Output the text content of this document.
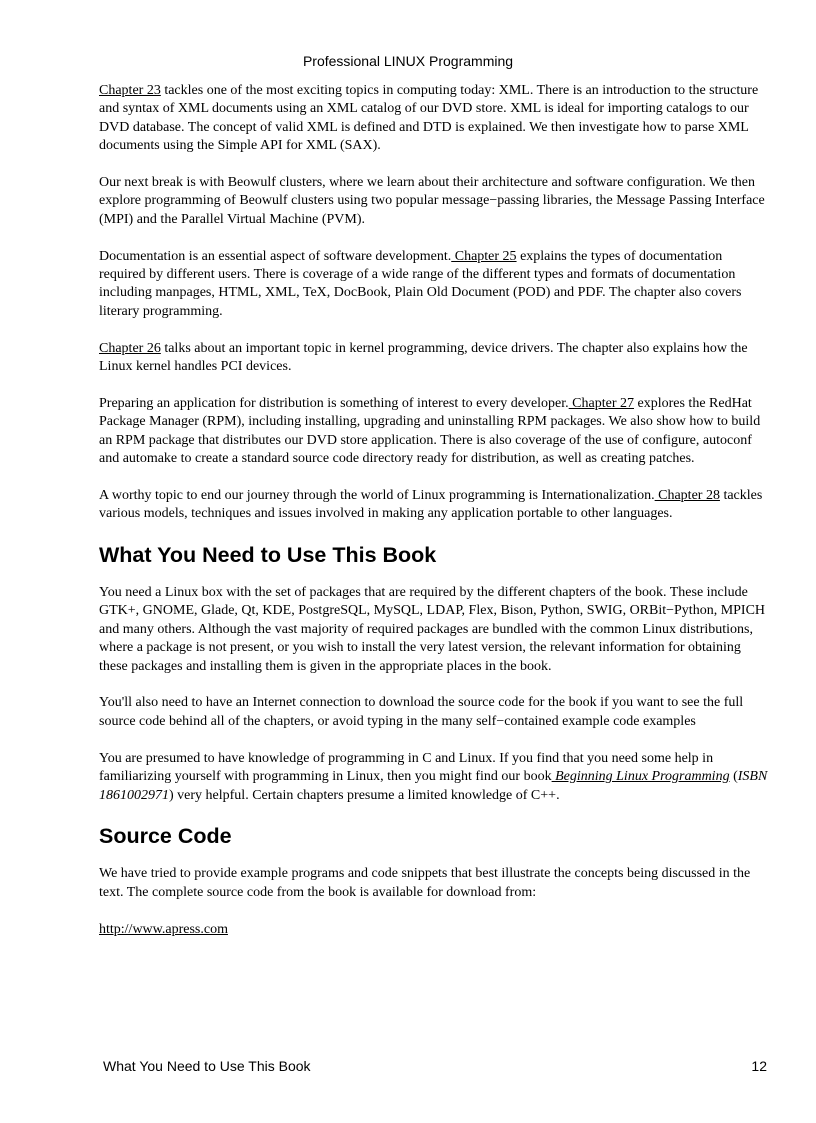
Professional LINUX Programming

Chapter 23 tackles one of the most exciting topics in computing today: XML. There is an introduction to the structure and syntax of XML documents using an XML catalog of our DVD store. XML is ideal for importing catalogs to our DVD database. The concept of valid XML is defined and DTD is explained. We then investigate how to parse XML documents using the Simple API for XML (SAX).

Our next break is with Beowulf clusters, where we learn about their architecture and software configuration. We then explore programming of Beowulf clusters using two popular message−passing libraries, the Message Passing Interface (MPI) and the Parallel Virtual Machine (PVM).

Documentation is an essential aspect of software development. Chapter 25 explains the types of documentation required by different users. There is coverage of a wide range of the different types and formats of documentation including manpages, HTML, XML, TeX, DocBook, Plain Old Document (POD) and PDF. The chapter also covers literary programming.

Chapter 26 talks about an important topic in kernel programming, device drivers. The chapter also explains how the Linux kernel handles PCI devices.

Preparing an application for distribution is something of interest to every developer. Chapter 27 explores the RedHat Package Manager (RPM), including installing, upgrading and uninstalling RPM packages. We also show how to build an RPM package that distributes our DVD store application. There is also coverage of the use of configure, autoconf and automake to create a standard source code directory ready for distribution, as well as creating patches.

A worthy topic to end our journey through the world of Linux programming is Internationalization. Chapter 28 tackles various models, techniques and issues involved in making any application portable to other languages.

What You Need to Use This Book

You need a Linux box with the set of packages that are required by the different chapters of the book. These include GTK+, GNOME, Glade, Qt, KDE, PostgreSQL, MySQL, LDAP, Flex, Bison, Python, SWIG, ORBit−Python, MPICH and many others. Although the vast majority of required packages are bundled with the common Linux distributions, where a package is not present, or you wish to install the very latest version, the relevant information for obtaining these packages and installing them is given in the appropriate places in the book.

You'll also need to have an Internet connection to download the source code for the book if you want to see the full source code behind all of the chapters, or avoid typing in the many self−contained example code examples

You are presumed to have knowledge of programming in C and Linux. If you find that you need some help in familiarizing yourself with programming in Linux, then you might find our book Beginning Linux Programming (ISBN 1861002971) very helpful. Certain chapters presume a limited knowledge of C++.

Source Code

We have tried to provide example programs and code snippets that best illustrate the concepts being discussed in the text. The complete source code from the book is available for download from:

http://www.apress.com

What You Need to Use This Book	12
